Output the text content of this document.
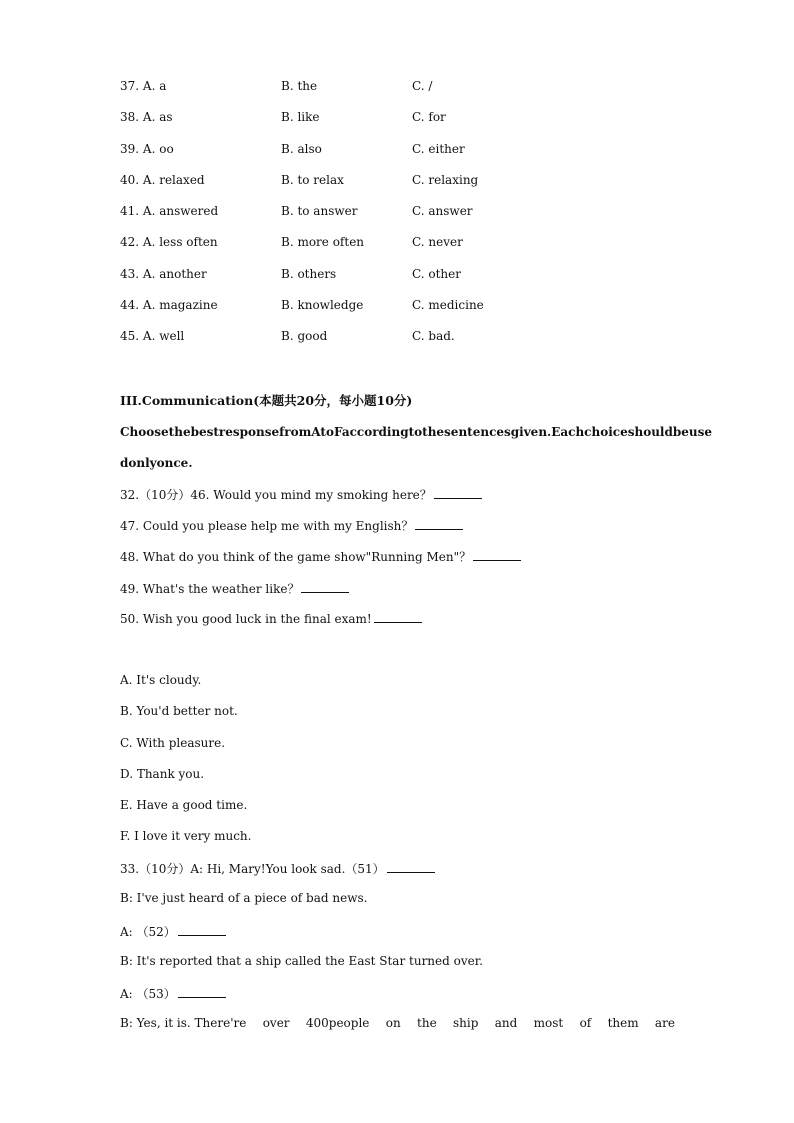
37. A. a	B. the	C. /
38. A. as	B. like	C. for
39. A. oo	B. also	C. either
40. A. relaxed	B. to relax	C. relaxing
41. A. answered	B. to answer	C. answer
42. A. less often	B. more often	C. never
43. A. another	B. others	C. other
44. A. magazine	B. knowledge	C. medicine
45. A. well	B. good	C. bad.
III.Communication(本题共20分，每小题10分)
ChoosethebestresponsefromAtoFaccordingtothesentencesgiven.Eachchoiceshouldbeuse
donlyonce.
32.（10分）46. Would you mind my smoking here？
47. Could you please help me with my English？
48. What do you think of the game show"Running Men"？
49. What's the weather like？
50. Wish you good luck in the final exam!
A. It's cloudy.
B. You'd better not.
C. With pleasure.
D. Thank you.
E. Have a good time.
F. I love it very much.
33.（10分）A: Hi, Mary!You look sad.（51）
B: I've just heard of a piece of bad news.
A: （52）
B: It's reported that a ship called the East Star turned over.
A: （53）
B: Yes, it is. There're over 400people on the ship and most of them are
